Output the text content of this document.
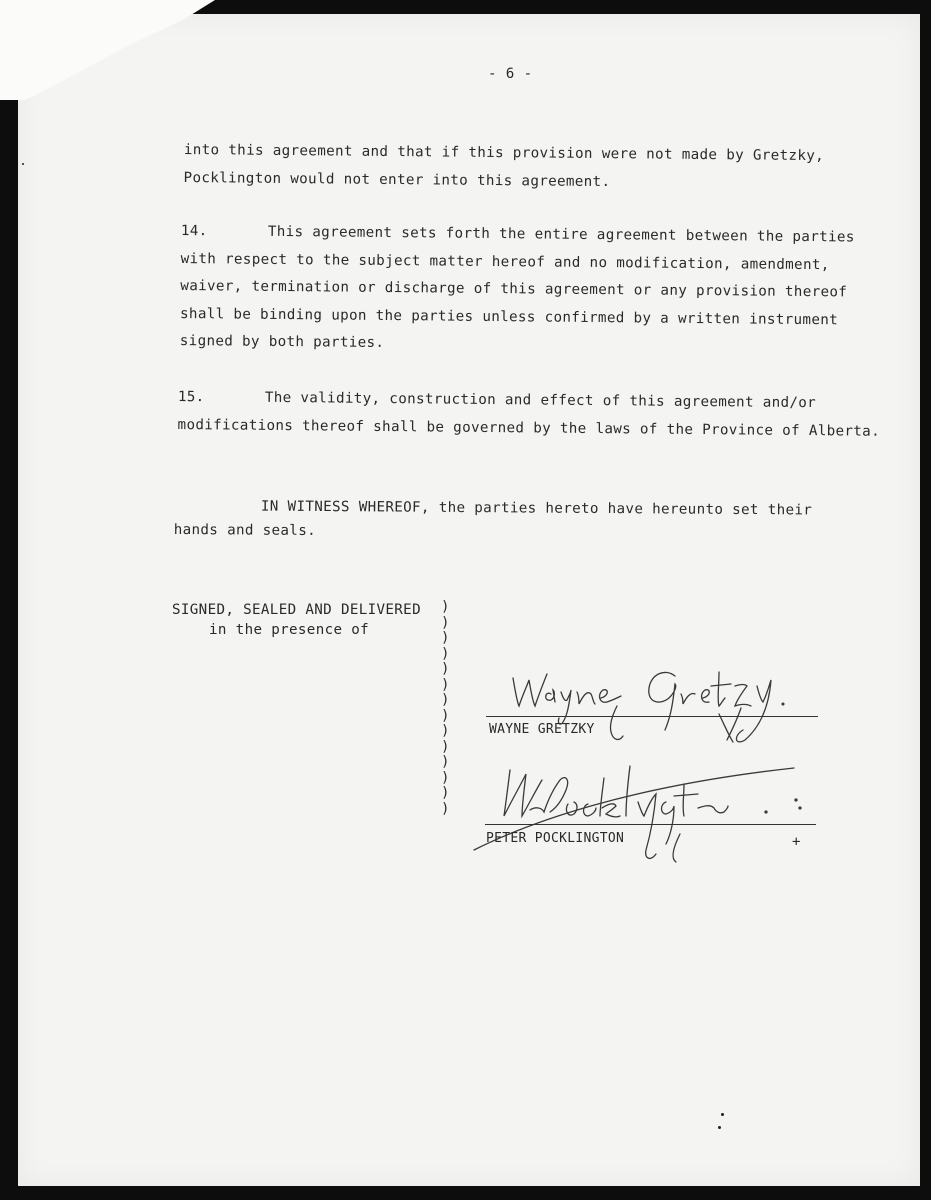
- 6 -
into this agreement and that if this provision were not made by Gretzky,
Pocklington would not enter into this agreement.
14.	This agreement sets forth the entire agreement between the parties
with respect to the subject matter hereof and no modification, amendment,
waiver, termination or discharge of this agreement or any provision thereof
shall be binding upon the parties unless confirmed by a written instrument
signed by both parties.
15.	The validity, construction and effect of this agreement and/or
modifications thereof shall be governed by the laws of the Province of Alberta.
IN WITNESS WHEREOF, the parties hereto have hereunto set their
hands and seals.
SIGNED, SEALED AND DELIVERED
in the presence of
)
)
)
)
)
)
)
)
)
)
)
)
)
)
WAYNE GRETZKY
PETER POCKLINGTON	+
